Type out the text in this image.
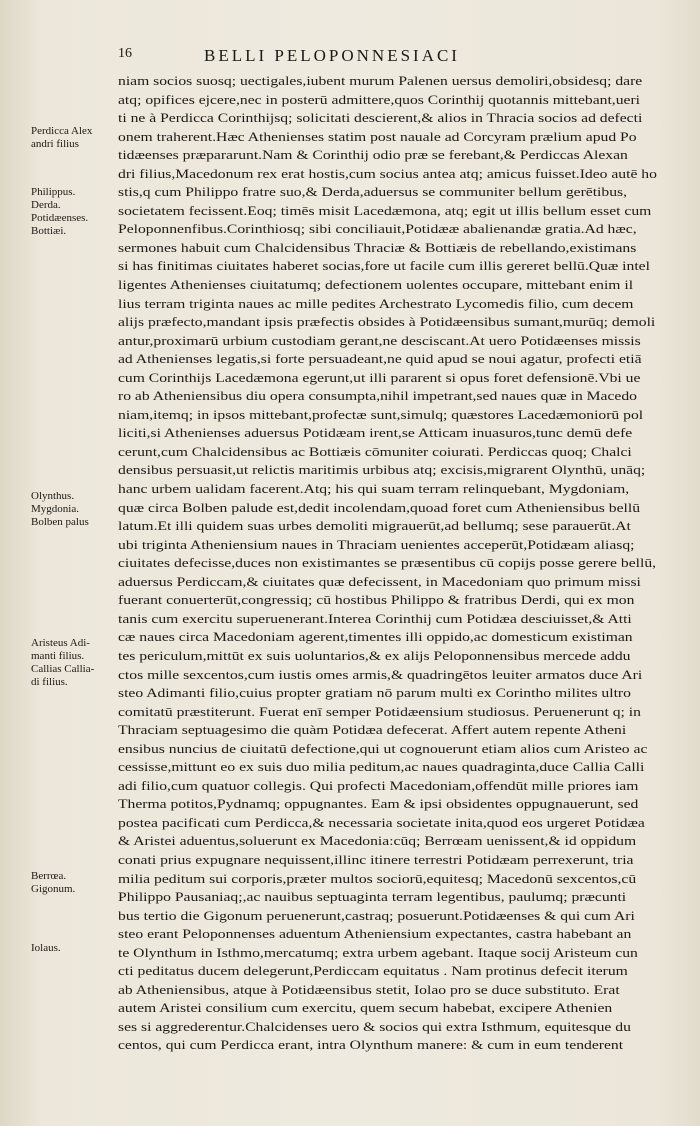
16	BELLI PELOPONNESIACI
niam socios suosq; uectigales,iubent murum Palenen uersus demoliri,obsidesq; dare
atq; opifices ejcere,nec in posterū admittere,quos Corinthij quotannis mittebant,ueri
ti ne à Perdicca Corinthijsq; solicitati descierent,& alios in Thracia socios ad defecti
onem traherent.Hæc Athenienses statim post nauale ad Corcyram prælium apud Po
tidæenses præpararunt.Nam & Corinthij odio præ se ferebant,& Perdiccas Alexan
dri filius,Macedonum rex erat hostis,cum socius antea atq; amicus fuisset.Ideo autē ho
stis,q cum Philippo fratre suo,& Derda,aduersus se communiter bellum gerētibus,
societatem fecissent.Eoq; timēs misit Lacedæmona, atq; egit ut illis bellum esset cum
Peloponnenfibus.Corinthiosq; sibi conciliauit,Potidææ abalienandæ gratia.Ad hæc,
sermones habuit cum Chalcidensibus Thraciæ & Bottiæis de rebellando,existimans
si has finitimas ciuitates haberet socias,fore ut facile cum illis gereret bellū.Quæ intel
ligentes Athenienses ciuitatumq; defectionem uolentes occupare, mittebant enim il
lius terram triginta naues ac mille pedites Archestrato Lycomedis filio, cum decem
alijs præfecto,mandant ipsis præfectis obsides à Potidæensibus sumant,murūq; demoli
antur,proximarū urbium custodiam gerant,ne desciscant.At uero Potidæenses missis
ad Athenienses legatis,si forte persuadeant,ne quid apud se noui agatur, profecti etiā
cum Corinthijs Lacedæmona egerunt,ut illi pararent si opus foret defensionē.Vbi ue
ro ab Atheniensibus diu opera consumpta,nihil impetrant,sed naues quæ in Macedo
niam,itemq; in ipsos mittebant,profectæ sunt,simulq; quæstores Lacedæmoniorū pol
liciti,si Athenienses aduersus Potidæam irent,se Atticam inuasuros,tunc demū defe
cerunt,cum Chalcidensibus ac Bottiæis cōmuniter coiurati. Perdiccas quoq; Chalci
densibus persuasit,ut relictis maritimis urbibus atq; excisis,migrarent Olynthū, unāq;
hanc urbem ualidam facerent.Atq; his qui suam terram relinquebant, Mygdoniam,
quæ circa Bolben palude est,dedit incolendam,quoad foret cum Atheniensibus bellū
latum.Et illi quidem suas urbes demoliti migrauerūt,ad bellumq; sese parauerūt.At
ubi triginta Atheniensium naues in Thraciam uenientes acceperūt,Potidæam aliasq;
ciuitates defecisse,duces non existimantes se præsentibus cū copijs posse gerere bellū,
aduersus Perdiccam,& ciuitates quæ defecissent, in Macedoniam quo primum missi
fuerant conuerterūt,congressiq; cū hostibus Philippo & fratribus Derdi, qui ex mon
tanis cum exercitu superuenerant.Interea Corinthij cum Potidæa desciuisset,& Atti
cæ naues circa Macedoniam agerent,timentes illi oppido,ac domesticum existiman
tes periculum,mittūt ex suis uoluntarios,& ex alijs Peloponnensibus mercede addu
ctos mille sexcentos,cum iustis omes armis,& quadringētos leuiter armatos duce Ari
steo Adimanti filio,cuius propter gratiam nō parum multi ex Corintho milites ultro
comitatū præstiterunt. Fuerat enī semper Potidæensium studiosus. Peruenerunt q; in
Thraciam septuagesimo die quàm Potidæa defecerat. Affert autem repente Atheni
ensibus nuncius de ciuitatū defectione,qui ut cognouerunt etiam alios cum Aristeo ac
cessisse,mittunt eo ex suis duo milia peditum,ac naues quadraginta,duce Callia Calli
adi filio,cum quatuor collegis. Qui profecti Macedoniam,offendūt mille priores iam
Therma potitos,Pydnamq; oppugnantes. Eam & ipsi obsidentes oppugnauerunt, sed
postea pacificati cum Perdicca,& necessaria societate inita,quod eos urgeret Potidæa
& Aristei aduentus,soluerunt ex Macedonia:cūq; Berrœam uenissent,& id oppidum
conati prius expugnare nequissent,illinc itinere terrestri Potidæam perrexerunt, tria
milia peditum sui corporis,præter multos sociorū,equitesq; Macedonū sexcentos,cū
Philippo Pausaniaq;,ac nauibus septuaginta terram legentibus, paulumq; præcunti
bus tertio die Gigonum peruenerunt,castraq; posuerunt.Potidæenses & qui cum Ari
steo erant Peloponnenses aduentum Atheniensium expectantes, castra habebant an
te Olynthum in Isthmo,mercatumq; extra urbem agebant. Itaque socij Aristeum cun
cti peditatus ducem delegerunt,Perdiccam equitatus . Nam protinus defecit iterum
ab Atheniensibus, atque à Potidæensibus stetit, Iolao pro se duce substituto. Erat
autem Aristei consilium cum exercitu, quem secum habebat, excipere Athenien
ses si aggrederentur.Chalcidenses uero & socios qui extra Isthmum, equitesque du
centos, qui cum Perdicca erant, intra Olynthum manere: & cum in eum tenderent
Perdicca Alex
andri filius
Philippus.
Derda.
Potidæenses.
Bottiæi.
Olynthus.
Mygdonia.
Bolben palus
Aristeus Adi-
manti filius.
Callias Callia-
di filius.
Berrœa.
Gigonum.
Iolaus.
